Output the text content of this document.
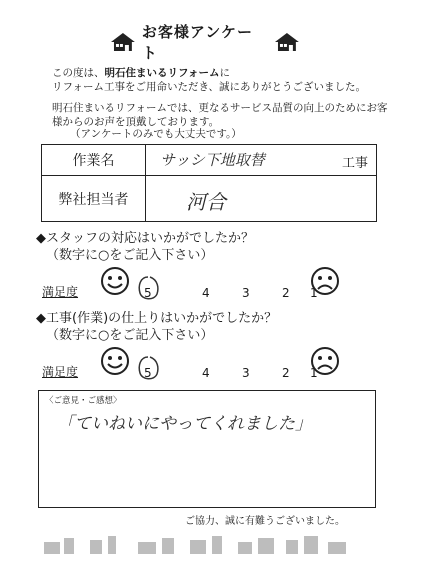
お客様アンケート
この度は、明石住まいるリフォームに
リフォーム工事をご用命いただき、誠にありがとうございました。
明石住まいるリフォームでは、更なるサービス品質の向上のためにお客
様からのお声を頂戴しております。
（アンケートのみでも大丈夫です。）
作業名	サッシ下地取替	工事
弊社担当者	河合
◆スタッフの対応はいかがでしたか？
（数字に○をご記入下さい）
満足度	5	4	3	2 1
◆工事(作業)の仕上りはいかがでしたか？
（数字に○をご記入下さい）
満足度	5	4	3	2 1
〈ご意見・ご感想〉
「ていねいにやってくれました」
ご協力、誠に有難うございました。
